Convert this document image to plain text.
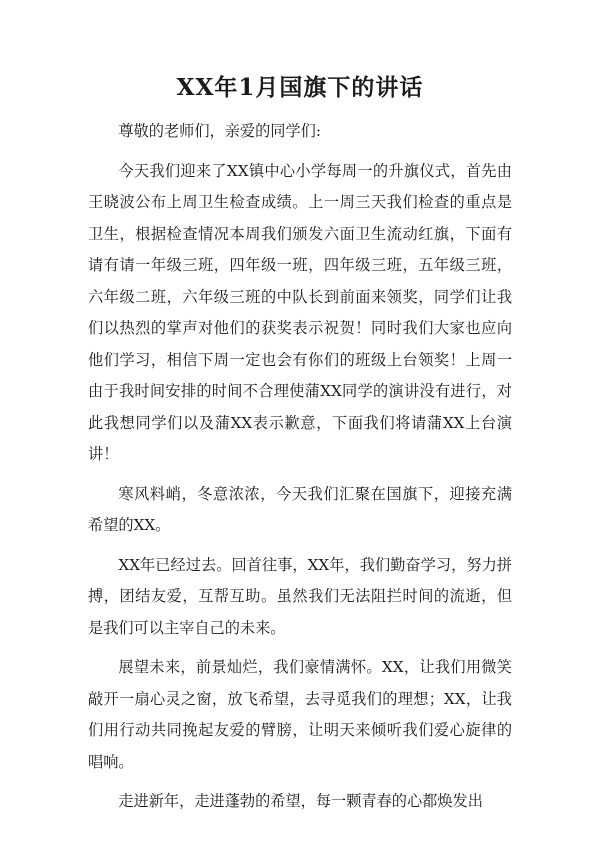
XX年1月国旗下的讲话

尊敬的老师们，亲爱的同学们:

今天我们迎来了XX镇中心小学每周一的升旗仪式，首先由王晓波公布上周卫生检查成绩。上一周三天我们检查的重点是卫生，根据检查情况本周我们颁发六面卫生流动红旗，下面有请有请一年级三班，四年级一班，四年级三班，五年级三班，六年级二班，六年级三班的中队长到前面来领奖，同学们让我们以热烈的掌声对他们的获奖表示祝贺！同时我们大家也应向他们学习，相信下周一定也会有你们的班级上台领奖！上周一由于我时间安排的时间不合理使蒲XX同学的演讲没有进行，对此我想同学们以及蒲XX表示歉意，下面我们将请蒲XX上台演讲！

寒风料峭，冬意浓浓，今天我们汇聚在国旗下，迎接充满希望的XX。

XX年已经过去。回首往事，XX年，我们勤奋学习，努力拼搏，团结友爱，互帮互助。虽然我们无法阻拦时间的流逝，但是我们可以主宰自己的未来。

展望未来，前景灿烂，我们豪情满怀。XX，让我们用微笑敲开一扇心灵之窗，放飞希望，去寻觅我们的理想；XX，让我们用行动共同挽起友爱的臂膀，让明天来倾听我们爱心旋律的唱响。

走进新年，走进蓬勃的希望，每一颗青春的心都焕发出
